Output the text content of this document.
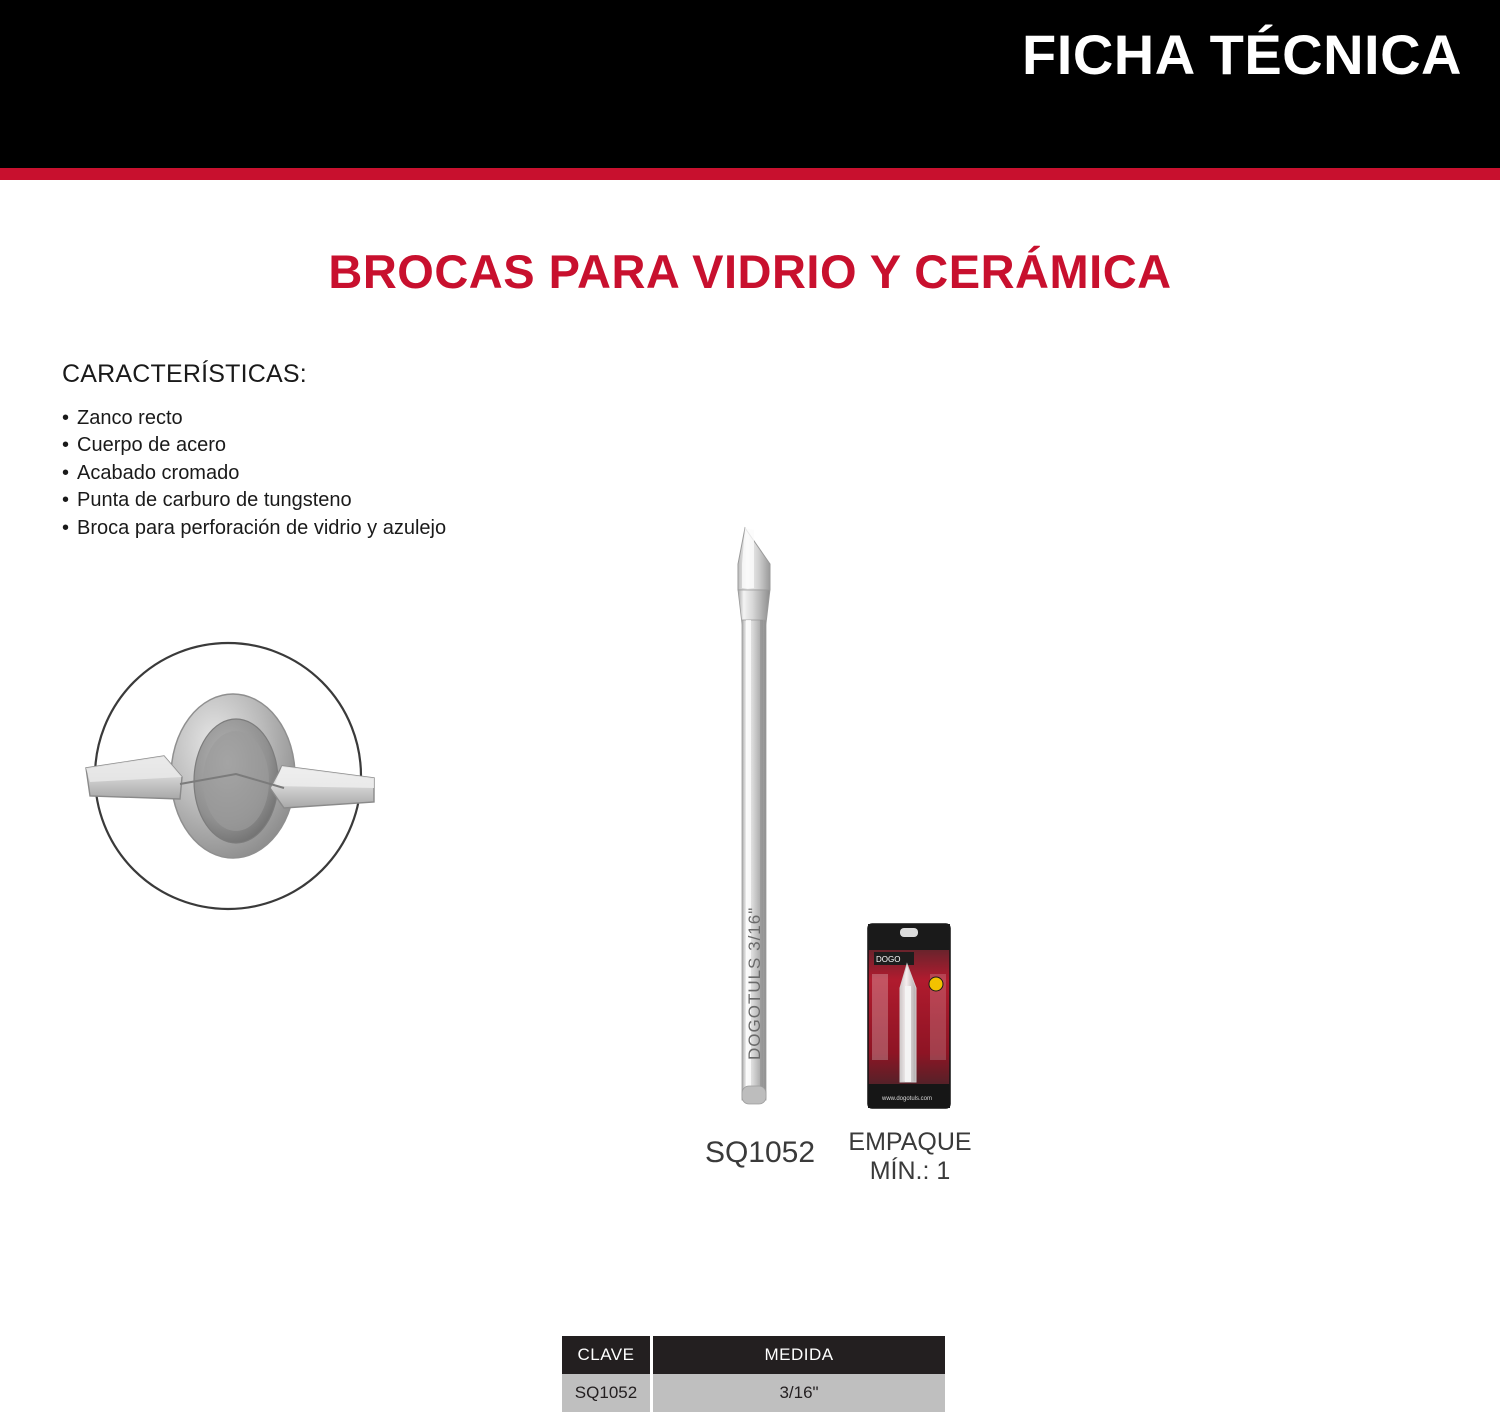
FICHA TÉCNICA
BROCAS PARA VIDRIO Y CERÁMICA
CARACTERÍSTICAS:
• Zanco recto
• Cuerpo de acero
• Acabado cromado
• Punta de carburo de tungsteno
• Broca para perforación de vidrio y azulejo
DOGOTULS 3/16"
SQ1052
DOGO
www.dogotuls.com
EMPAQUE
MÍN.: 1
CLAVE	MEDIDA
SQ1052	3/16"
